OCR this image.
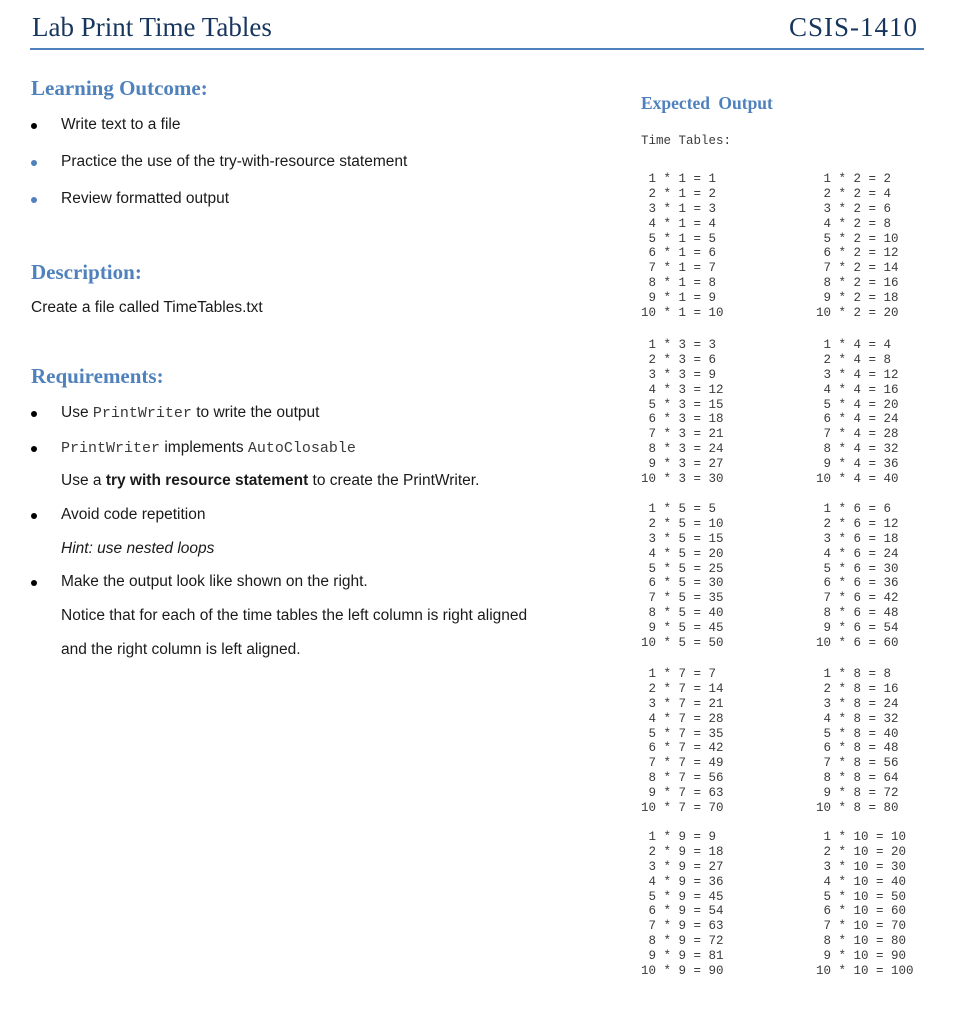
Lab Print Time Tables	CSIS-1410
Learning Outcome:
Write text to a file
Practice the use of the try-with-resource statement
Review formatted output
Description:
Create a file called TimeTables.txt
Requirements:
Use PrintWriter to write the output
PrintWriter implements AutoClosable
Use a try with resource statement to create the PrintWriter.
Avoid code repetition
Hint: use nested loops
Make the output look like shown on the right.
Notice that for each of the time tables the left column is right aligned
and the right column is left aligned.
Expected Output
Time Tables:
1 * 1 = 1
2 * 1 = 2
3 * 1 = 3
4 * 1 = 4
5 * 1 = 5
6 * 1 = 6
7 * 1 = 7
8 * 1 = 8
9 * 1 = 9
10 * 1 = 10
1 * 2 = 2
2 * 2 = 4
3 * 2 = 6
4 * 2 = 8
5 * 2 = 10
6 * 2 = 12
7 * 2 = 14
8 * 2 = 16
9 * 2 = 18
10 * 2 = 20
1 * 3 = 3
2 * 3 = 6
3 * 3 = 9
4 * 3 = 12
5 * 3 = 15
6 * 3 = 18
7 * 3 = 21
8 * 3 = 24
9 * 3 = 27
10 * 3 = 30
1 * 4 = 4
2 * 4 = 8
3 * 4 = 12
4 * 4 = 16
5 * 4 = 20
6 * 4 = 24
7 * 4 = 28
8 * 4 = 32
9 * 4 = 36
10 * 4 = 40
1 * 5 = 5
2 * 5 = 10
3 * 5 = 15
4 * 5 = 20
5 * 5 = 25
6 * 5 = 30
7 * 5 = 35
8 * 5 = 40
9 * 5 = 45
10 * 5 = 50
1 * 6 = 6
2 * 6 = 12
3 * 6 = 18
4 * 6 = 24
5 * 6 = 30
6 * 6 = 36
7 * 6 = 42
8 * 6 = 48
9 * 6 = 54
10 * 6 = 60
1 * 7 = 7
2 * 7 = 14
3 * 7 = 21
4 * 7 = 28
5 * 7 = 35
6 * 7 = 42
7 * 7 = 49
8 * 7 = 56
9 * 7 = 63
10 * 7 = 70
1 * 8 = 8
2 * 8 = 16
3 * 8 = 24
4 * 8 = 32
5 * 8 = 40
6 * 8 = 48
7 * 8 = 56
8 * 8 = 64
9 * 8 = 72
10 * 8 = 80
1 * 9 = 9
2 * 9 = 18
3 * 9 = 27
4 * 9 = 36
5 * 9 = 45
6 * 9 = 54
7 * 9 = 63
8 * 9 = 72
9 * 9 = 81
10 * 9 = 90
1 * 10 = 10
2 * 10 = 20
3 * 10 = 30
4 * 10 = 40
5 * 10 = 50
6 * 10 = 60
7 * 10 = 70
8 * 10 = 80
9 * 10 = 90
10 * 10 = 100
